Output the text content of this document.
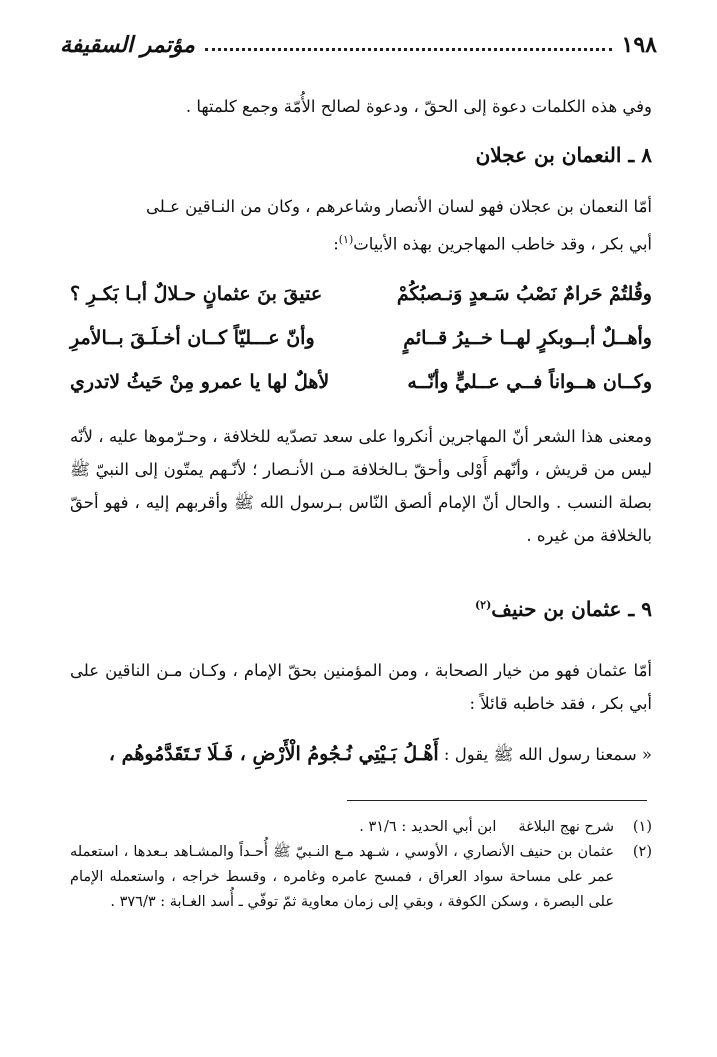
١٩٨
مؤتمر السقيفة
وفي هذه الكلمات دعوة إلى الحقّ ، ودعوة لصالح الأُمّة وجمع كلمتها .
٨ ـ النعمان بن عجلان
أمّا النعمان بن عجلان فهو لسان الأنصار وشاعرهم ، وكان من النـاقين عـلى
أبي بكر ، وقد خاطب المهاجرين بهذه الأبيات$^{(١)}$:
وقُلتُمْ حَرامٌ نَصْبُ سَـعدٍ وَنـصبُكُمْ
عتيقَ بنَ عثمانٍ حـلالٌ أبـا بَكـرِ ؟
وأهــلٌ أبــوبكرٍ لهــا خــيرُ قــائمٍ
وأنّ عـــليّاً كــان أخـلَـقَ بــالأمرِ
وكــان هــواناً فــي عــليٍّ وأنّــه
لأهلٌ لها يا عمرو مِنْ حَيثُ لاتدري
ومعنى هذا الشعر أنّ المهاجرين أنكروا على سعد تصدّيه للخلافة ، وحـرّموها عليه ، لأنّه ليس من قريش ، وأنّهم أَوْلى وأحقّ بـالخلافة مـن الأنـصار ؛ لأنّـهم يمتّون إلى النبيّ ﷺ بصلة النسب . والحال أنّ الإمام ألصق النّاس بـرسول الله ﷺ وأقربهم إليه ، فهو أحقّ بالخلافة من غيره .
٩ ـ عثمان بن حنيف$^{(٢)}$
أمّا عثمان فهو من خيار الصحابة ، ومن المؤمنين بحقّ الإمام ، وكـان مـن الناقين على أبي بكر ، فقد خاطبه قائلاً :
« سمعنا رسول الله ﷺ يقول : أَهْـلُ بَـيْتِي نُـجُومُ الْأَرْضِ ، فَـلَا تَـتَقَدَّمُوهُم ،
(١)
شرح نهج البلاغةابن أبي الحديد : ٣١/٦ .
(٢)
عثمان بن حنيف الأنصاري ، الأوسي ، شـهد مـع النـبيّ ﷺ أُحـداً والمشـاهد بـعدها ، استعمله عمر على مساحة سواد العراق ، فمسح عامره وغامره ، وقسط خراجه ، واستعمله الإمام على البصرة ، وسكن الكوفة ، وبقي إلى زمان معاوية ثمّ توفّي ـ أُسد الغـابة : ٣٧٦/٣ .
